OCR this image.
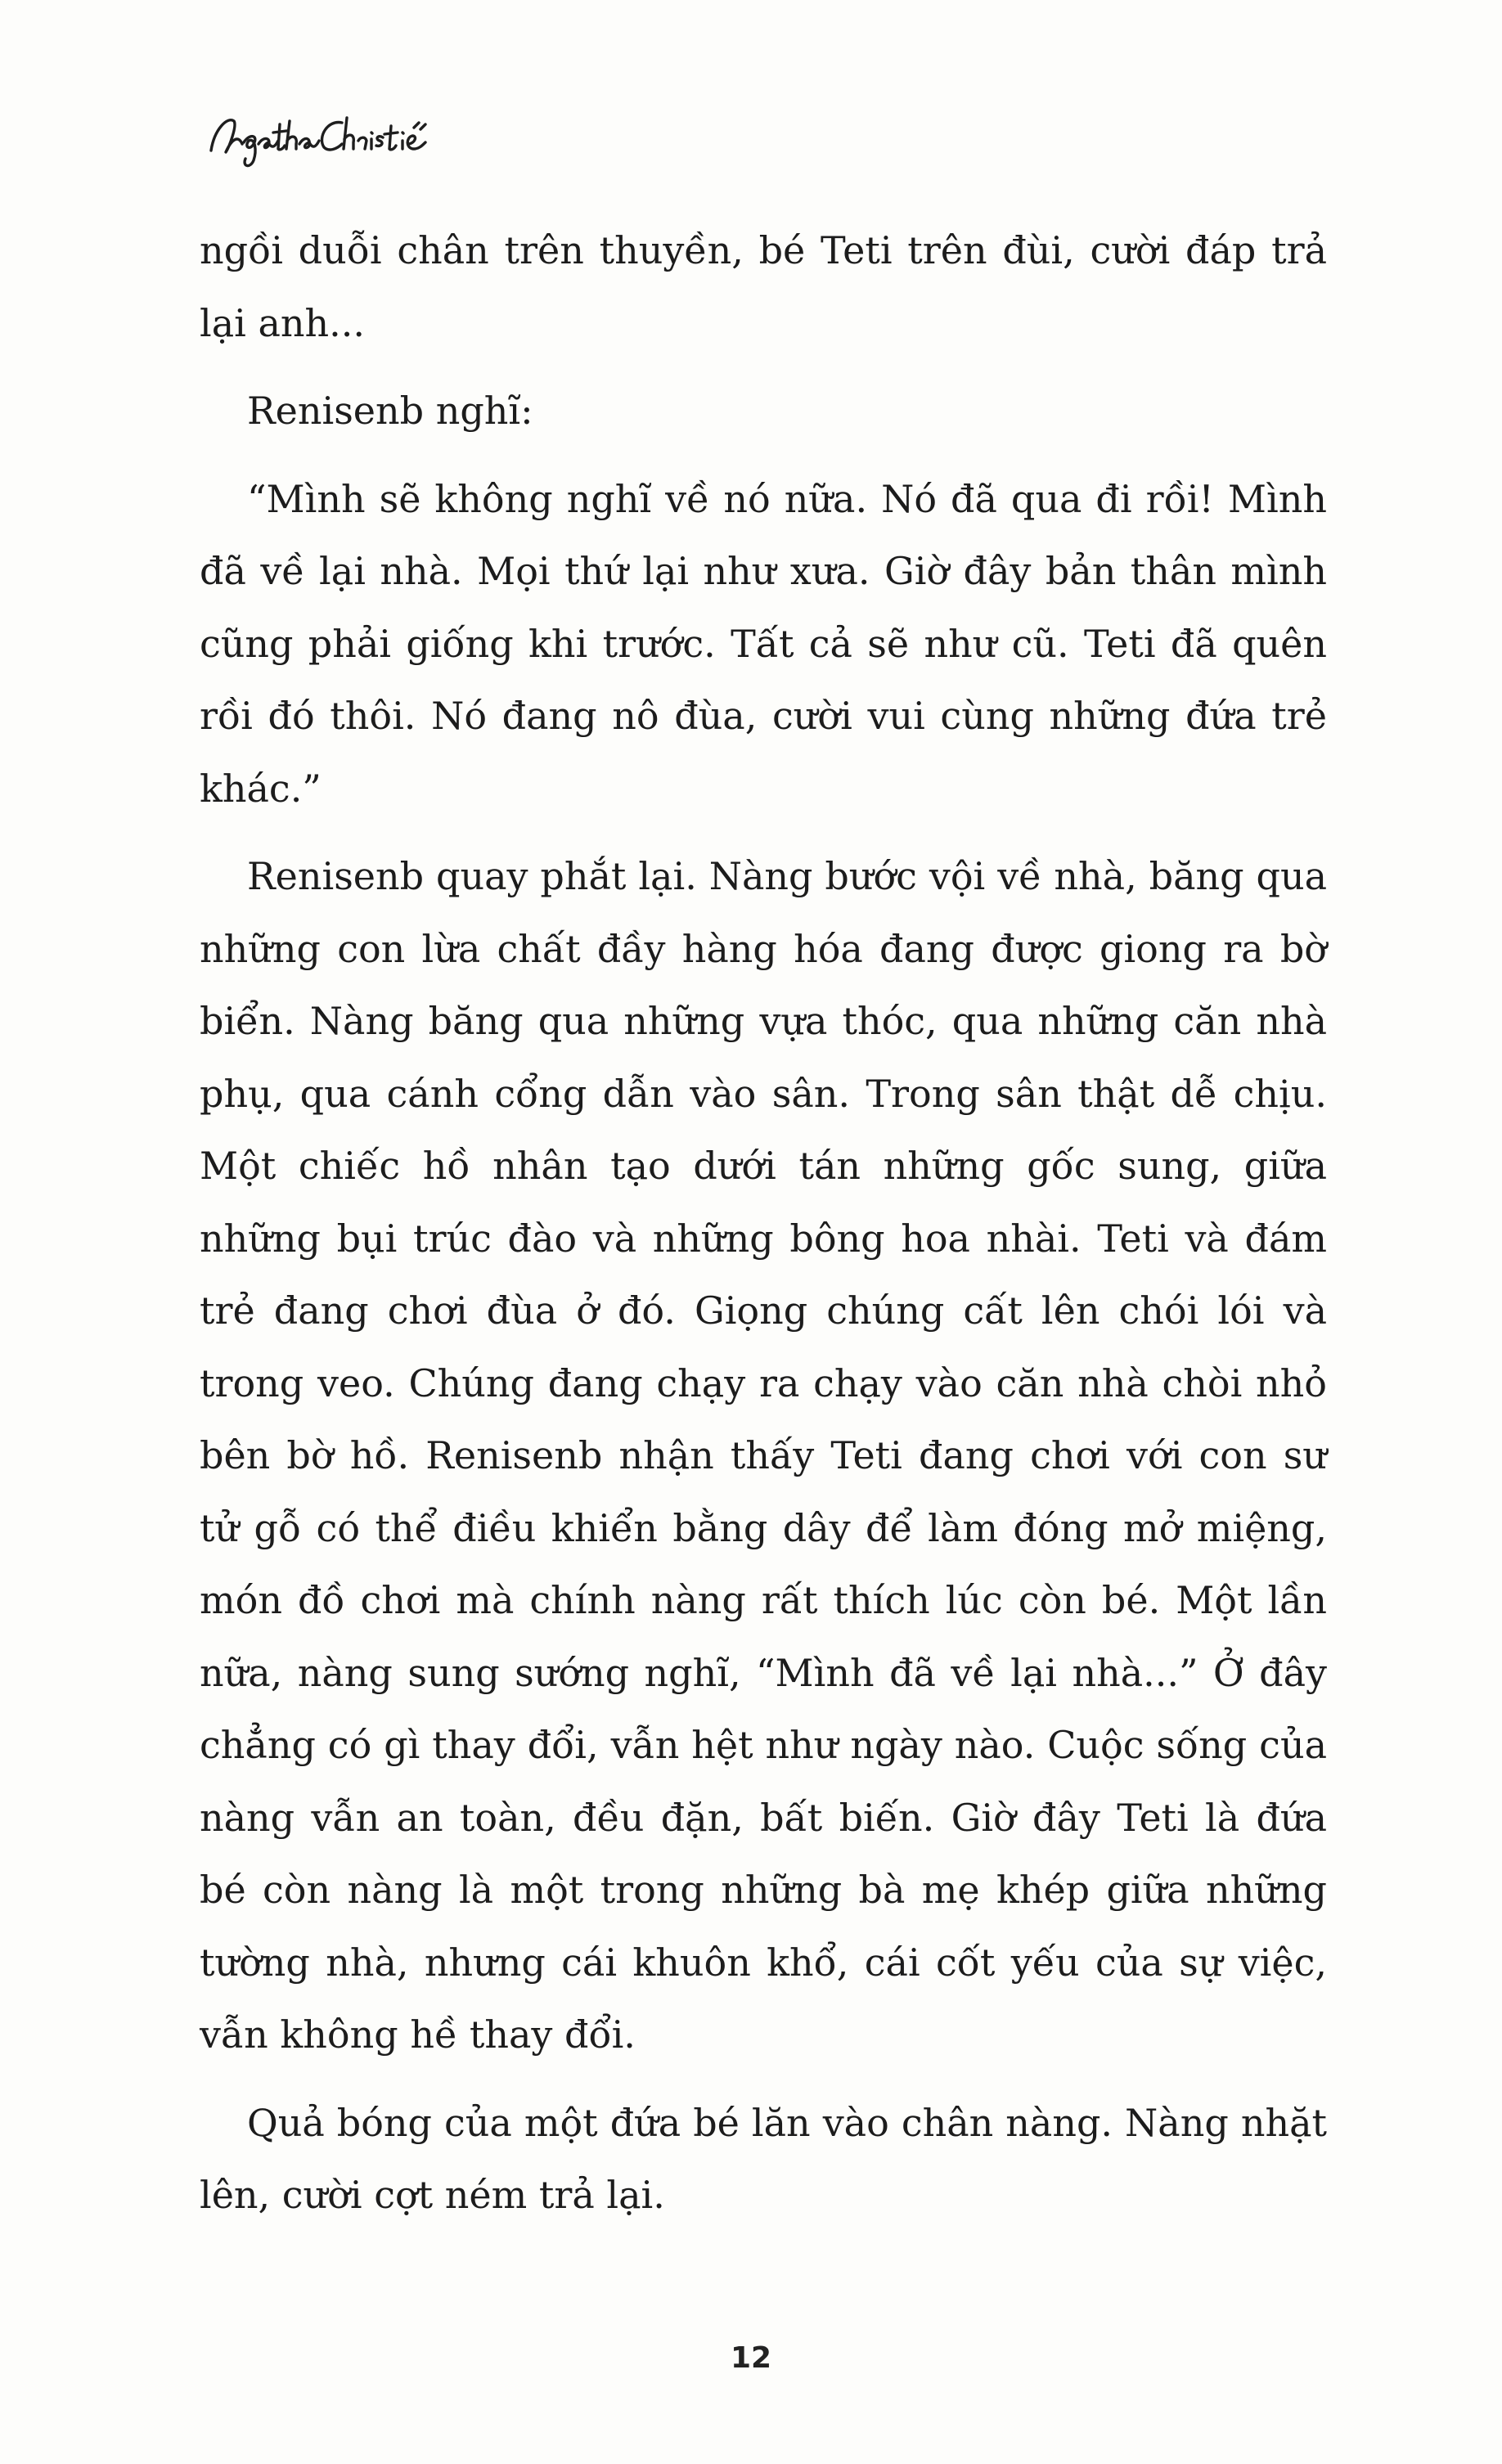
ngồi duỗi chân trên thuyền, bé Teti trên đùi, cười đáp trả lại anh...

Renisenb nghĩ:

“Mình sẽ không nghĩ về nó nữa. Nó đã qua đi rồi! Mình đã về lại nhà. Mọi thứ lại như xưa. Giờ đây bản thân mình cũng phải giống khi trước. Tất cả sẽ như cũ. Teti đã quên rồi đó thôi. Nó đang nô đùa, cười vui cùng những đứa trẻ khác.”

Renisenb quay phắt lại. Nàng bước vội về nhà, băng qua những con lừa chất đầy hàng hóa đang được giong ra bờ biển. Nàng băng qua những vựa thóc, qua những căn nhà phụ, qua cánh cổng dẫn vào sân. Trong sân thật dễ chịu. Một chiếc hồ nhân tạo dưới tán những gốc sung, giữa những bụi trúc đào và những bông hoa nhài. Teti và đám trẻ đang chơi đùa ở đó. Giọng chúng cất lên chói lói và trong veo. Chúng đang chạy ra chạy vào căn nhà chòi nhỏ bên bờ hồ. Renisenb nhận thấy Teti đang chơi với con sư tử gỗ có thể điều khiển bằng dây để làm đóng mở miệng, món đồ chơi mà chính nàng rất thích lúc còn bé. Một lần nữa, nàng sung sướng nghĩ, “Mình đã về lại nhà...” Ở đây chẳng có gì thay đổi, vẫn hệt như ngày nào. Cuộc sống của nàng vẫn an toàn, đều đặn, bất biến. Giờ đây Teti là đứa bé còn nàng là một trong những bà mẹ khép giữa những tường nhà, nhưng cái khuôn khổ, cái cốt yếu của sự việc, vẫn không hề thay đổi.

Quả bóng của một đứa bé lăn vào chân nàng. Nàng nhặt lên, cười cợt ném trả lại.

12
